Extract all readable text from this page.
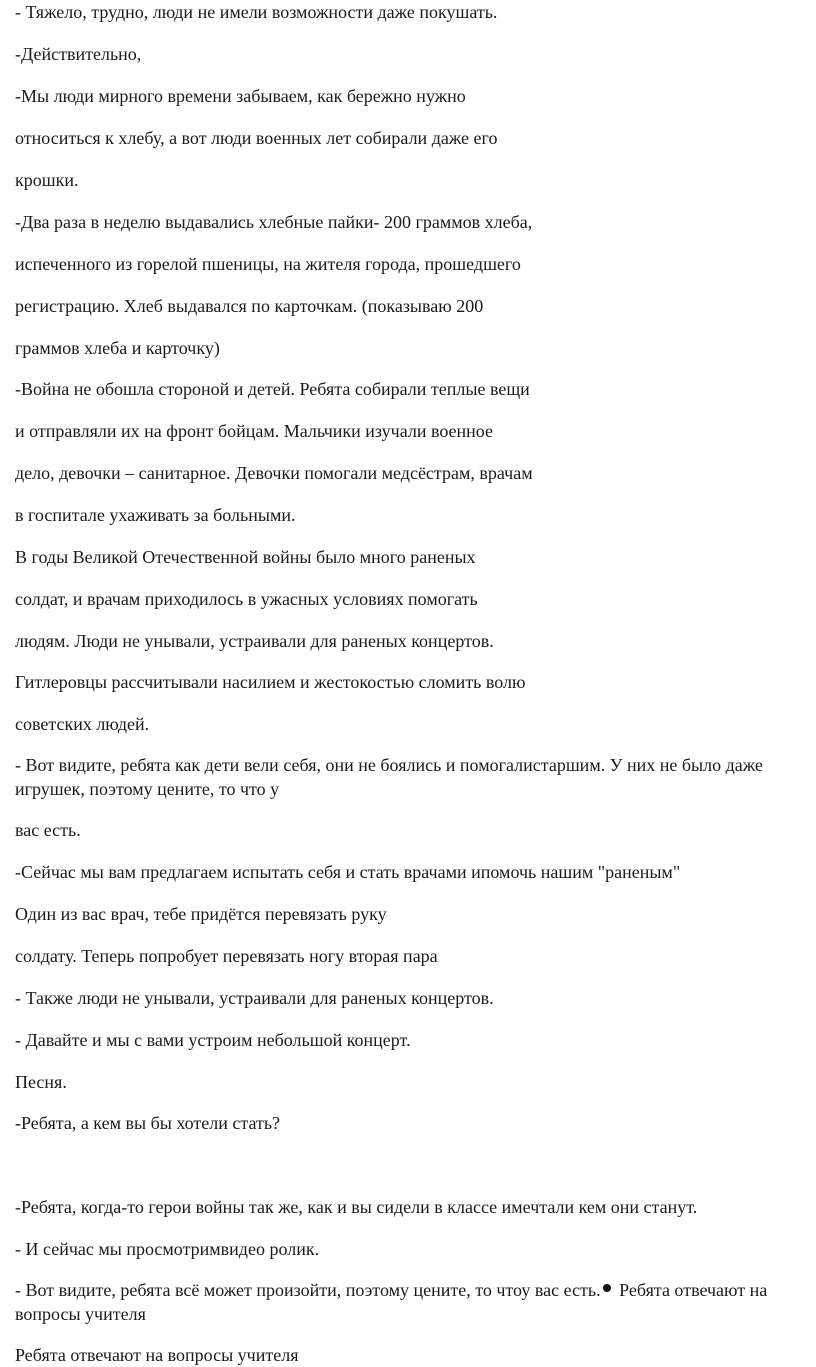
- Тяжело, трудно, люди не имели возможности даже покушать.
-Действительно,
-Мы люди мирного времени забываем, как бережно нужно
относиться к хлебу, а вот люди военных лет собирали даже его
крошки.
-Два раза в неделю выдавались хлебные пайки- 200 граммов хлеба,
испеченного из горелой пшеницы, на жителя города, прошедшего
регистрацию. Хлеб выдавался по карточкам. (показываю 200
граммов хлеба и карточку)
-Война не обошла стороной и детей. Ребята собирали теплые вещи
и отправляли их на фронт бойцам. Мальчики изучали военное
дело, девочки – санитарное. Девочки помогали медсёстрам, врачам
в госпитале ухаживать за больными.
В годы Великой Отечественной войны было много раненых
солдат, и врачам приходилось в ужасных условиях помогать
людям. Люди не унывали, устраивали для раненых концертов.
Гитлеровцы рассчитывали насилием и жестокостью сломить волю
советских людей.
- Вот видите, ребята как дети вели себя, они не боялись и помогалистаршим. У них не было даже игрушек, поэтому цените, то что у
вас есть.
-Сейчас мы вам предлагаем испытать себя и стать врачами ипомочь нашим "раненым"
Один из вас врач, тебе придётся перевязать руку
солдату. Теперь попробует перевязать ногу вторая пара
- Также люди не унывали, устраивали для раненых концертов.
- Давайте и мы с вами устроим небольшой концерт.
Песня.
-Ребята, а кем вы бы хотели стать?
-Ребята, когда-то герои войны так же, как и вы сидели в классе имечтали кем они станут.
- И сейчас мы просмотримвидео ролик.
- Вот видите, ребята всё может произойти, поэтому цените, то чтоу вас есть. Ребята отвечают на вопросы учителя
Ребята отвечают на вопросы учителя
